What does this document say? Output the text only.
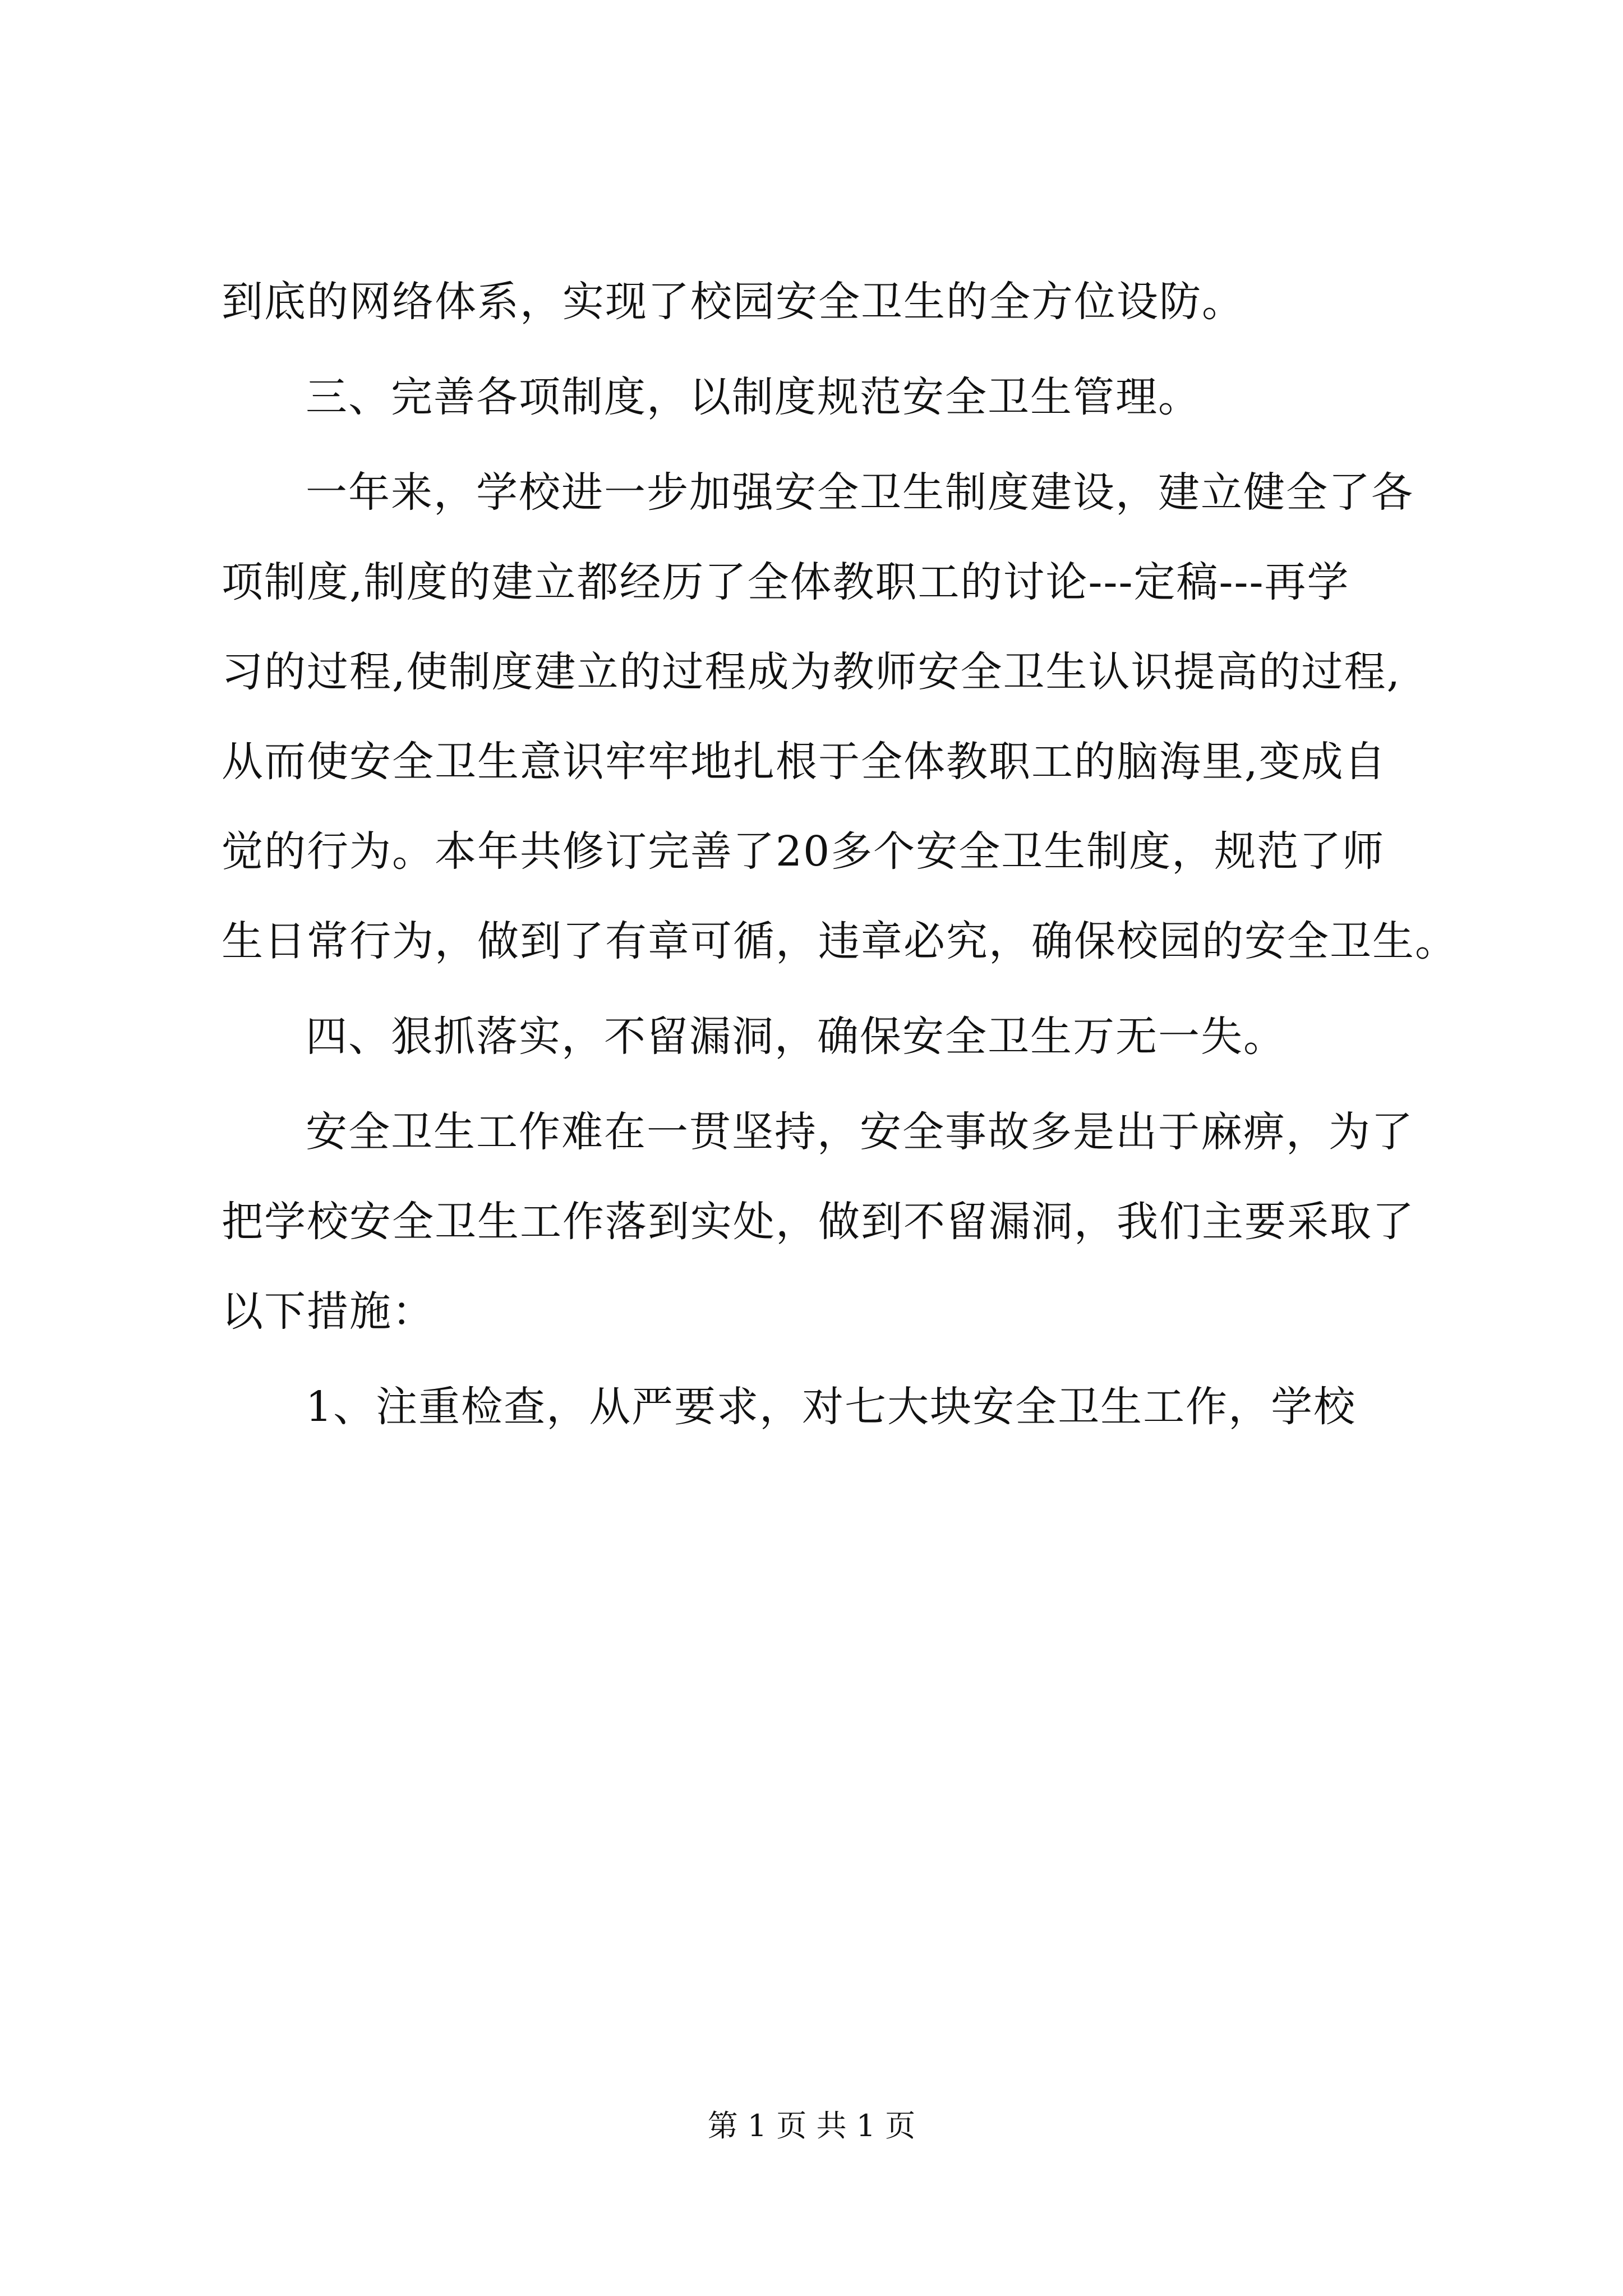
到底的网络体系，实现了校园安全卫生的全方位设防。
三、完善各项制度，以制度规范安全卫生管理。
一年来，学校进一步加强安全卫生制度建设，建立健全了各
项制度,制度的建立都经历了全体教职工的讨论---定稿---再学
习的过程,使制度建立的过程成为教师安全卫生认识提高的过程,
从而使安全卫生意识牢牢地扎根于全体教职工的脑海里,变成自
觉的行为。本年共修订完善了20多个安全卫生制度，规范了师
生日常行为，做到了有章可循，违章必究，确保校园的安全卫生。
四、狠抓落实，不留漏洞，确保安全卫生万无一失。
安全卫生工作难在一贯坚持，安全事故多是出于麻痹，为了
把学校安全卫生工作落到实处，做到不留漏洞，我们主要采取了
以下措施：
1、注重检查，从严要求，对七大块安全卫生工作，学校
第 1 页 共 1 页
